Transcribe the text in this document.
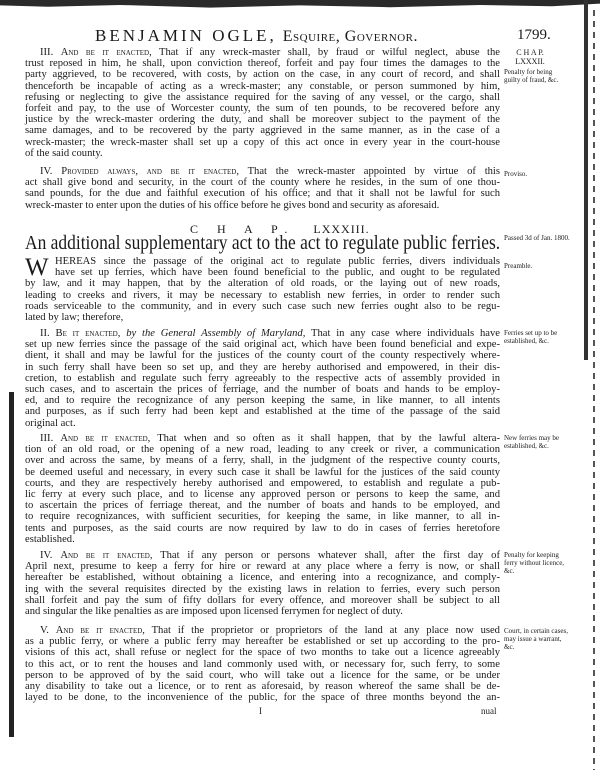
BENJAMIN OGLE, Esquire, Governor.	1799.
C H A P.
LXXXII.
Penalty for being guilty of fraud, &c.
III. And be it enacted, That if any wreck-master shall, by fraud or wilful neglect, abuse the
trust reposed in him, he shall, upon conviction thereof, forfeit and pay four times the damages to the
party aggrieved, to be recovered, with costs, by action on the case, in any court of record, and shall
thenceforth be incapable of acting as a wreck-master; any constable, or person summoned by him,
refusing or neglecting to give the assistance required for the saving of any vessel, or the cargo, shall
forfeit and pay, to the use of Worcester county, the sum of ten pounds, to be recovered before any
justice by the wreck-master ordering the duty, and shall be moreover subject to the payment of the
same damages, and to be recovered by the party aggrieved in the same manner, as in the case of a
wreck-master; the wreck-master shall set up a copy of this act once in every year in the court-house
of the said county.
IV. Provided always, and be it enacted, That the wreck-master appointed by virtue of this
act shall give bond and security, in the court of the county where he resides, in the sum of one thou-
sand pounds, for the due and faithful execution of his office; and that it shall not be lawful for such
wreck-master to enter upon the duties of his office before he gives bond and security as aforesaid.
Proviso.
C H A P. LXXXIII.
An additional supplementary act to the act to regulate public ferries. Passed 3d of Jan. 1800.
Preamble.
W HEREAS since the passage of the original act to regulate public ferries, divers individuals
have set up ferries, which have been found beneficial to the public, and ought to be regulated
by law, and it may happen, that by the alteration of old roads, or the laying out of new roads,
leading to creeks and rivers, it may be necessary to establish new ferries, in order to render such
roads serviceable to the community, and in every such case such new ferries ought also to be regu-
lated by law; therefore,
II. Be it enacted, by the General Assembly of Maryland, That in any case where individuals have
set up new ferries since the passage of the said original act, which have been found beneficial and expe-
dient, it shall and may be lawful for the justices of the county court of the county respectively where-
in such ferry shall have been so set up, and they are hereby authorised and empowered, in their dis-
cretion, to establish and regulate such ferry agreeably to the respective acts of assembly provided in
such cases, and to ascertain the prices of ferriage, and the number of boats and hands to be employ-
ed, and to require the recognizance of any person keeping the same, in like manner, to all intents
and purposes, as if such ferry had been kept and established at the time of the passage of the said
original act.
Ferries set up to be established, &c.
III. And be it enacted, That when and so often as it shall happen, that by the lawful altera-
tion of an old road, or the opening of a new road, leading to any creek or river, a communication
over and across the same, by means of a ferry, shall, in the judgment of the respective county courts,
be deemed useful and necessary, in every such case it shall be lawful for the justices of the said county
courts, and they are respectively hereby authorised and empowered, to establish and regulate a pub-
lic ferry at every such place, and to license any approved person or persons to keep the same, and
to ascertain the prices of ferriage thereat, and the number of boats and hands to be employed, and
to require recognizances, with sufficient securities, for keeping the same, in like manner, to all in-
tents and purposes, as the said courts are now required by law to do in cases of ferries heretofore
established.
New ferries may be established, &c.
IV. And be it enacted, That if any person or persons whatever shall, after the first day of
April next, presume to keep a ferry for hire or reward at any place where a ferry is now, or shall
hereafter be established, without obtaining a licence, and entering into a recognizance, and comply-
ing with the several requisites directed by the existing laws in relation to ferries, every such person
shall forfeit and pay the sum of fifty dollars for every offence, and moreover shall be subject to all
and singular the like penalties as are imposed upon licensed ferrymen for neglect of duty.
Penalty for keeping ferry without licence, &c.
V. And be it enacted, That if the proprietor or proprietors of the land at any place now used
as a public ferry, or where a public ferry may hereafter be established or set up according to the pro-
visions of this act, shall refuse or neglect for the space of two months to take out a licence agreeably
to this act, or to rent the houses and land commonly used with, or necessary for, such ferry, to some
person to be approved of by the said court, who will take out a licence for the same, or be under
any disability to take out a licence, or to rent as aforesaid, by reason whereof the same shall be de-
layed to be done, to the inconvenience of the public, for the space of three months beyond the an-
Court, in certain cases, may issue a warrant, &c.
I	nual
